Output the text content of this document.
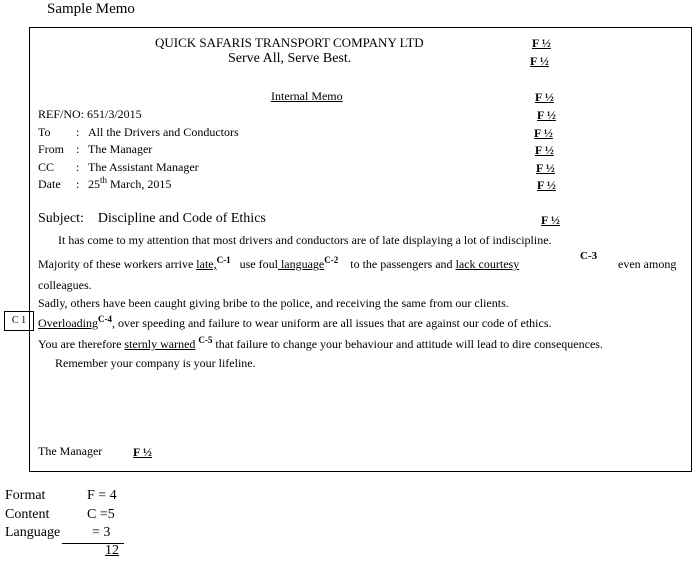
Sample Memo
QUICK SAFARIS TRANSPORT COMPANY LTD	F ½
Serve All, Serve Best.	F ½
Internal Memo	F ½
REF/NO: 651/3/2015	F ½
To : All the Drivers and Conductors	F ½
From : The Manager	F ½
CC : The Assistant Manager	F ½
Date : 25th March, 2015	F ½
Subject: Discipline and Code of Ethics	F ½
It has come to my attention that most drivers and conductors are of late displaying a lot of indiscipline.
Majority of these workers arrive late,$^{C-1}$ use foul language$^{C-2}$ to the passengers and lack courtesy
C-3
even among
colleagues.
Sadly, others have been caught giving bribe to the police, and receiving the same from our clients.
C 1 Overloading$^{C-4}$, over speeding and failure to wear uniform are all issues that are against our code of ethics.
You are therefore sternly warned $^{C-5}$ that failure to change your behaviour and attitude will lead to dire consequences.
Remember your company is your lifeline.
The Manager	F ½
Format	F = 4
Content	C =5
Language = 3
12
